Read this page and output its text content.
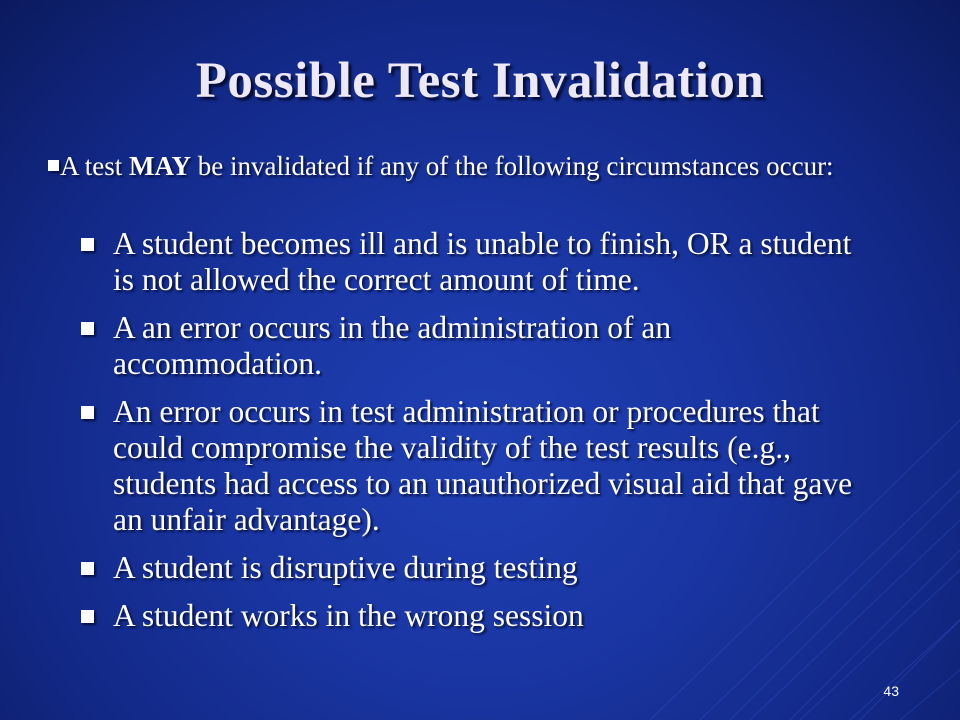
Possible Test Invalidation
A test MAY be invalidated if any of the following circumstances occur:
A student becomes ill and is unable to finish, OR a student is not allowed the correct amount of time.
A an error occurs in the administration of an accommodation.
An error occurs in test administration or procedures that could compromise the validity of the test results (e.g., students had access to an unauthorized visual aid that gave an unfair advantage).
A student is disruptive during testing
A student works in the wrong session
43
